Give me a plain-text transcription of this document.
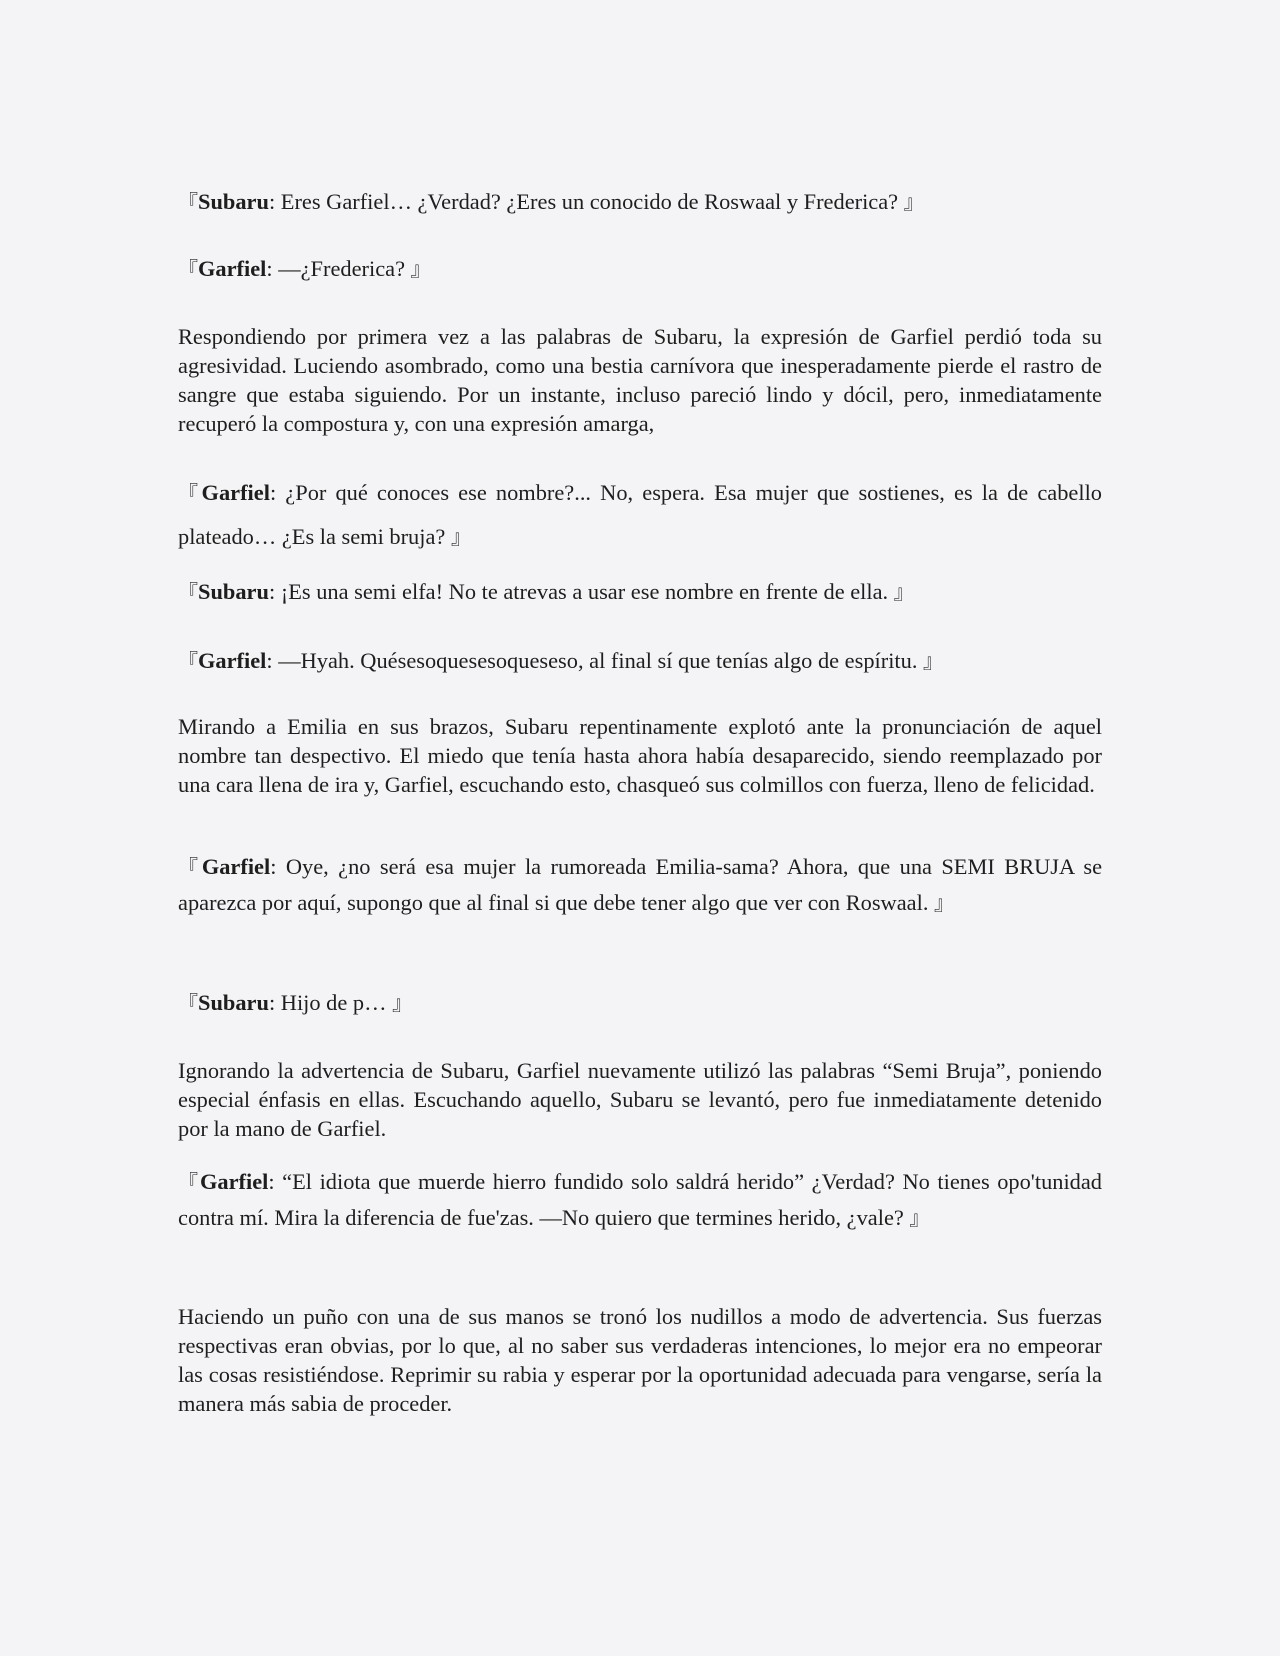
『Subaru: Eres Garfiel… ¿Verdad? ¿Eres un conocido de Roswaal y Frederica? 』

『Garfiel: —¿Frederica? 』

Respondiendo por primera vez a las palabras de Subaru, la expresión de Garfiel perdió toda su agresividad. Luciendo asombrado, como una bestia carnívora que inesperadamente pierde el rastro de sangre que estaba siguiendo. Por un instante, incluso pareció lindo y dócil, pero, inmediatamente recuperó la compostura y, con una expresión amarga,

『Garfiel: ¿Por qué conoces ese nombre?... No, espera. Esa mujer que sostienes, es la de cabello plateado… ¿Es la semi bruja? 』

『Subaru: ¡Es una semi elfa! No te atrevas a usar ese nombre en frente de ella. 』

『Garfiel: —Hyah. Quésesoquesesoqueseso, al final sí que tenías algo de espíritu. 』

Mirando a Emilia en sus brazos, Subaru repentinamente explotó ante la pronunciación de aquel nombre tan despectivo. El miedo que tenía hasta ahora había desaparecido, siendo reemplazado por una cara llena de ira y, Garfiel, escuchando esto, chasqueó sus colmillos con fuerza, lleno de felicidad.

『Garfiel: Oye, ¿no será esa mujer la rumoreada Emilia-sama? Ahora, que una SEMI BRUJA se aparezca por aquí, supongo que al final si que debe tener algo que ver con Roswaal. 』

『Subaru: Hijo de p… 』

Ignorando la advertencia de Subaru, Garfiel nuevamente utilizó las palabras “Semi Bruja”, poniendo especial énfasis en ellas. Escuchando aquello, Subaru se levantó, pero fue inmediatamente detenido por la mano de Garfiel.

『Garfiel: “El idiota que muerde hierro fundido solo saldrá herido” ¿Verdad? No tienes opo'tunidad contra mí. Mira la diferencia de fue'zas. —No quiero que termines herido, ¿vale? 』

Haciendo un puño con una de sus manos se tronó los nudillos a modo de advertencia. Sus fuerzas respectivas eran obvias, por lo que, al no saber sus verdaderas intenciones, lo mejor era no empeorar las cosas resistiéndose. Reprimir su rabia y esperar por la oportunidad adecuada para vengarse, sería la manera más sabia de proceder.
